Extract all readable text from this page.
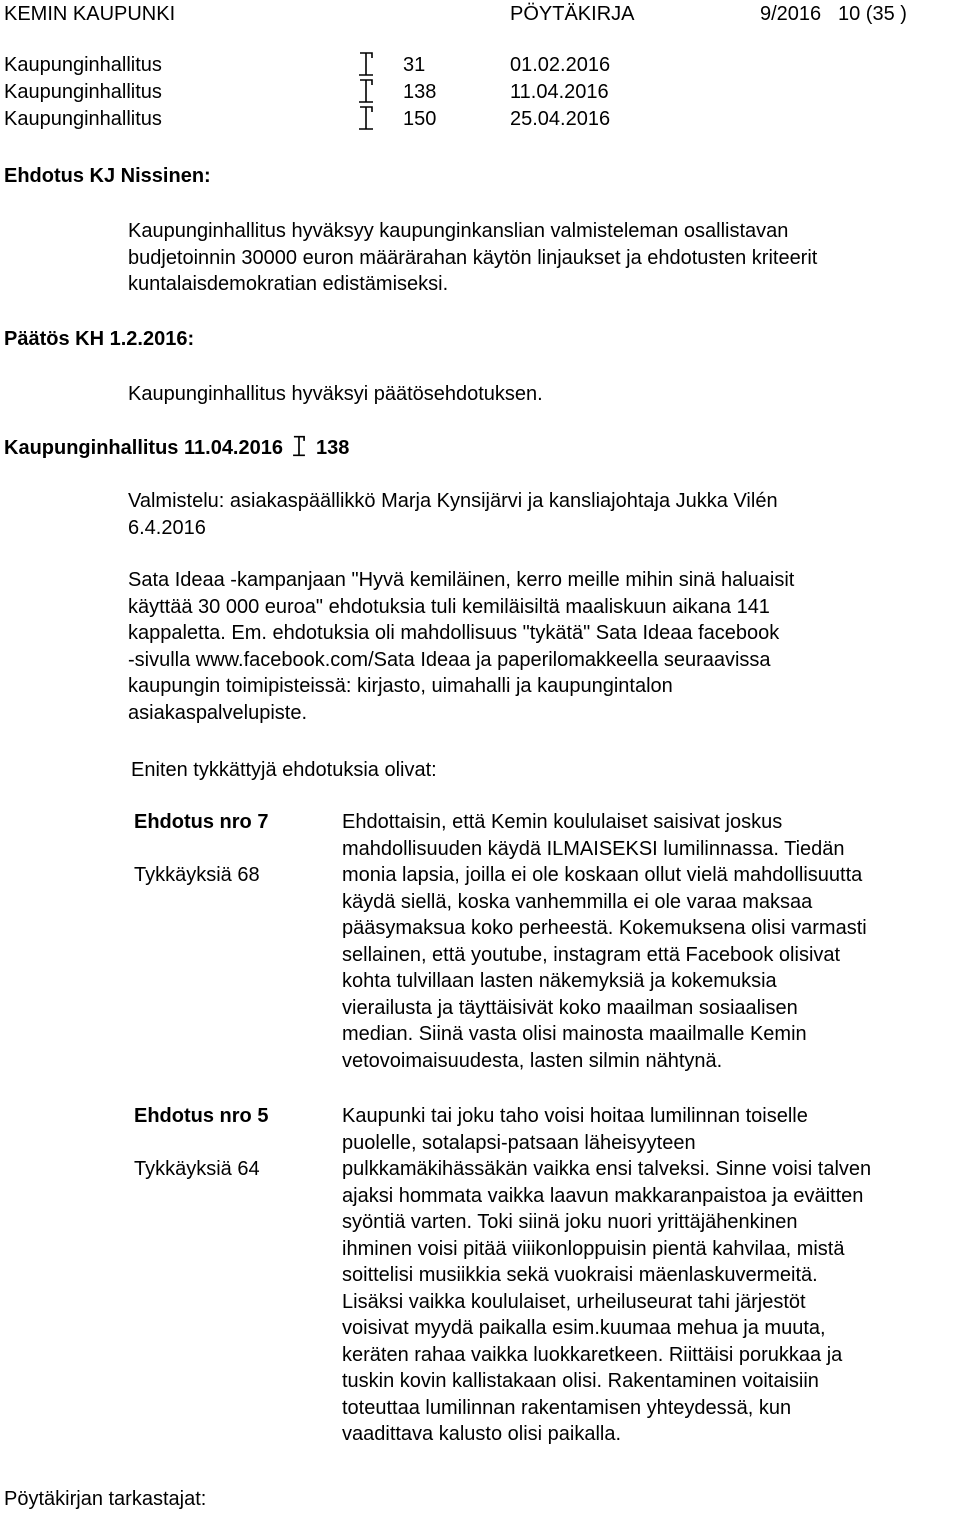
KEMIN KAUPUNKI	PÖYTÄKIRJA	9/2016 10 (35 )
Kaupunginhallitus	31	01.02.2016
Kaupunginhallitus	138	11.04.2016
Kaupunginhallitus	150	25.04.2016
Ehdotus KJ Nissinen:
Kaupunginhallitus hyväksyy kaupunginkanslian valmisteleman osallistavan
budjetoinnin 30000 euron määrärahan käytön linjaukset ja ehdotusten kriteerit
kuntalaisdemokratian edistämiseksi.
Päätös KH 1.2.2016:
Kaupunginhallitus hyväksyi päätösehdotuksen.
Kaupunginhallitus 11.04.2016 138
Valmistelu: asiakaspäällikkö Marja Kynsijärvi ja kansliajohtaja Jukka Vilén
6.4.2016
Sata Ideaa -kampanjaan "Hyvä kemiläinen, kerro meille mihin sinä haluaisit
käyttää 30 000 euroa" ehdotuksia tuli kemiläisiltä maaliskuun aikana 141
kappaletta. Em. ehdotuksia oli mahdollisuus "tykätä" Sata Ideaa facebook
-sivulla www.facebook.com/Sata Ideaa ja paperilomakkeella seuraavissa
kaupungin toimipisteissä: kirjasto, uimahalli ja kaupungintalon
asiakaspalvelupiste.
Eniten tykkättyjä ehdotuksia olivat:
Ehdotus nro 7
Tykkäyksiä 68
Ehdottaisin, että Kemin koululaiset saisivat joskus
mahdollisuuden käydä ILMAISEKSI lumilinnassa. Tiedän
monia lapsia, joilla ei ole koskaan ollut vielä mahdollisuutta
käydä siellä, koska vanhemmilla ei ole varaa maksaa
pääsymaksua koko perheestä. Kokemuksena olisi varmasti
sellainen, että youtube, instagram että Facebook olisivat
kohta tulvillaan lasten näkemyksiä ja kokemuksia
vierailusta ja täyttäisivät koko maailman sosiaalisen
median. Siinä vasta olisi mainosta maailmalle Kemin
vetovoimaisuudesta, lasten silmin nähtynä.
Ehdotus nro 5
Tykkäyksiä 64
Kaupunki tai joku taho voisi hoitaa lumilinnan toiselle
puolelle, sotalapsi-patsaan läheisyyteen
pulkkamäkihässäkän vaikka ensi talveksi. Sinne voisi talven
ajaksi hommata vaikka laavun makkaranpaistoa ja eväitten
syöntiä varten. Toki siinä joku nuori yrittäjähenkinen
ihminen voisi pitää viiikonloppuisin pientä kahvilaa, mistä
soittelisi musiikkia sekä vuokraisi mäenlaskuvermeitä.
Lisäksi vaikka koululaiset, urheiluseurat tahi järjestöt
voisivat myydä paikalla esim.kuumaa mehua ja muuta,
keräten rahaa vaikka luokkaretkeen. Riittäisi porukkaa ja
tuskin kovin kallistakaan olisi. Rakentaminen voitaisiin
toteuttaa lumilinnan rakentamisen yhteydessä, kun
vaadittava kalusto olisi paikalla.
Pöytäkirjan tarkastajat:
